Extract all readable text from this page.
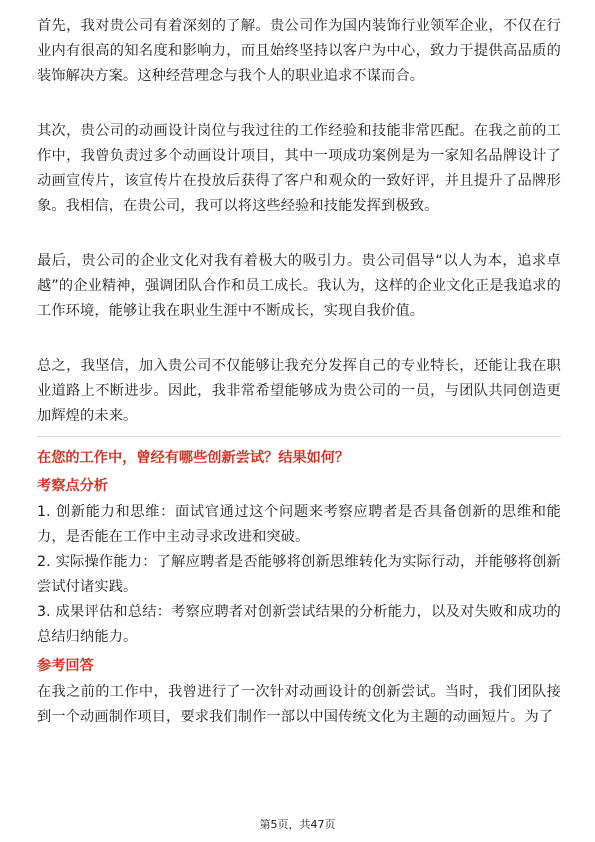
首先，我对贵公司有着深刻的了解。贵公司作为国内装饰行业领军企业，不仅在行业内有很高的知名度和影响力，而且始终坚持以客户为中心，致力于提供高品质的装饰解决方案。这种经营理念与我个人的职业追求不谋而合。

其次，贵公司的动画设计岗位与我过往的工作经验和技能非常匹配。在我之前的工作中，我曾负责过多个动画设计项目，其中一项成功案例是为一家知名品牌设计了动画宣传片，该宣传片在投放后获得了客户和观众的一致好评，并且提升了品牌形象。我相信，在贵公司，我可以将这些经验和技能发挥到极致。

最后，贵公司的企业文化对我有着极大的吸引力。贵公司倡导“以人为本，追求卓越”的企业精神，强调团队合作和员工成长。我认为，这样的企业文化正是我追求的工作环境，能够让我在职业生涯中不断成长，实现自我价值。

总之，我坚信，加入贵公司不仅能够让我充分发挥自己的专业特长，还能让我在职业道路上不断进步。因此，我非常希望能够成为贵公司的一员，与团队共同创造更加辉煌的未来。

在您的工作中，曾经有哪些创新尝试？结果如何？

考察点分析

1. 创新能力和思维：面试官通过这个问题来考察应聘者是否具备创新的思维和能力，是否能在工作中主动寻求改进和突破。

2. 实际操作能力：了解应聘者是否能够将创新思维转化为实际行动，并能够将创新尝试付诸实践。

3. 成果评估和总结：考察应聘者对创新尝试结果的分析能力，以及对失败和成功的总结归纳能力。

参考回答

在我之前的工作中，我曾进行了一次针对动画设计的创新尝试。当时，我们团队接到一个动画制作项目，要求我们制作一部以中国传统文化为主题的动画短片。为了

第5页，共47页
